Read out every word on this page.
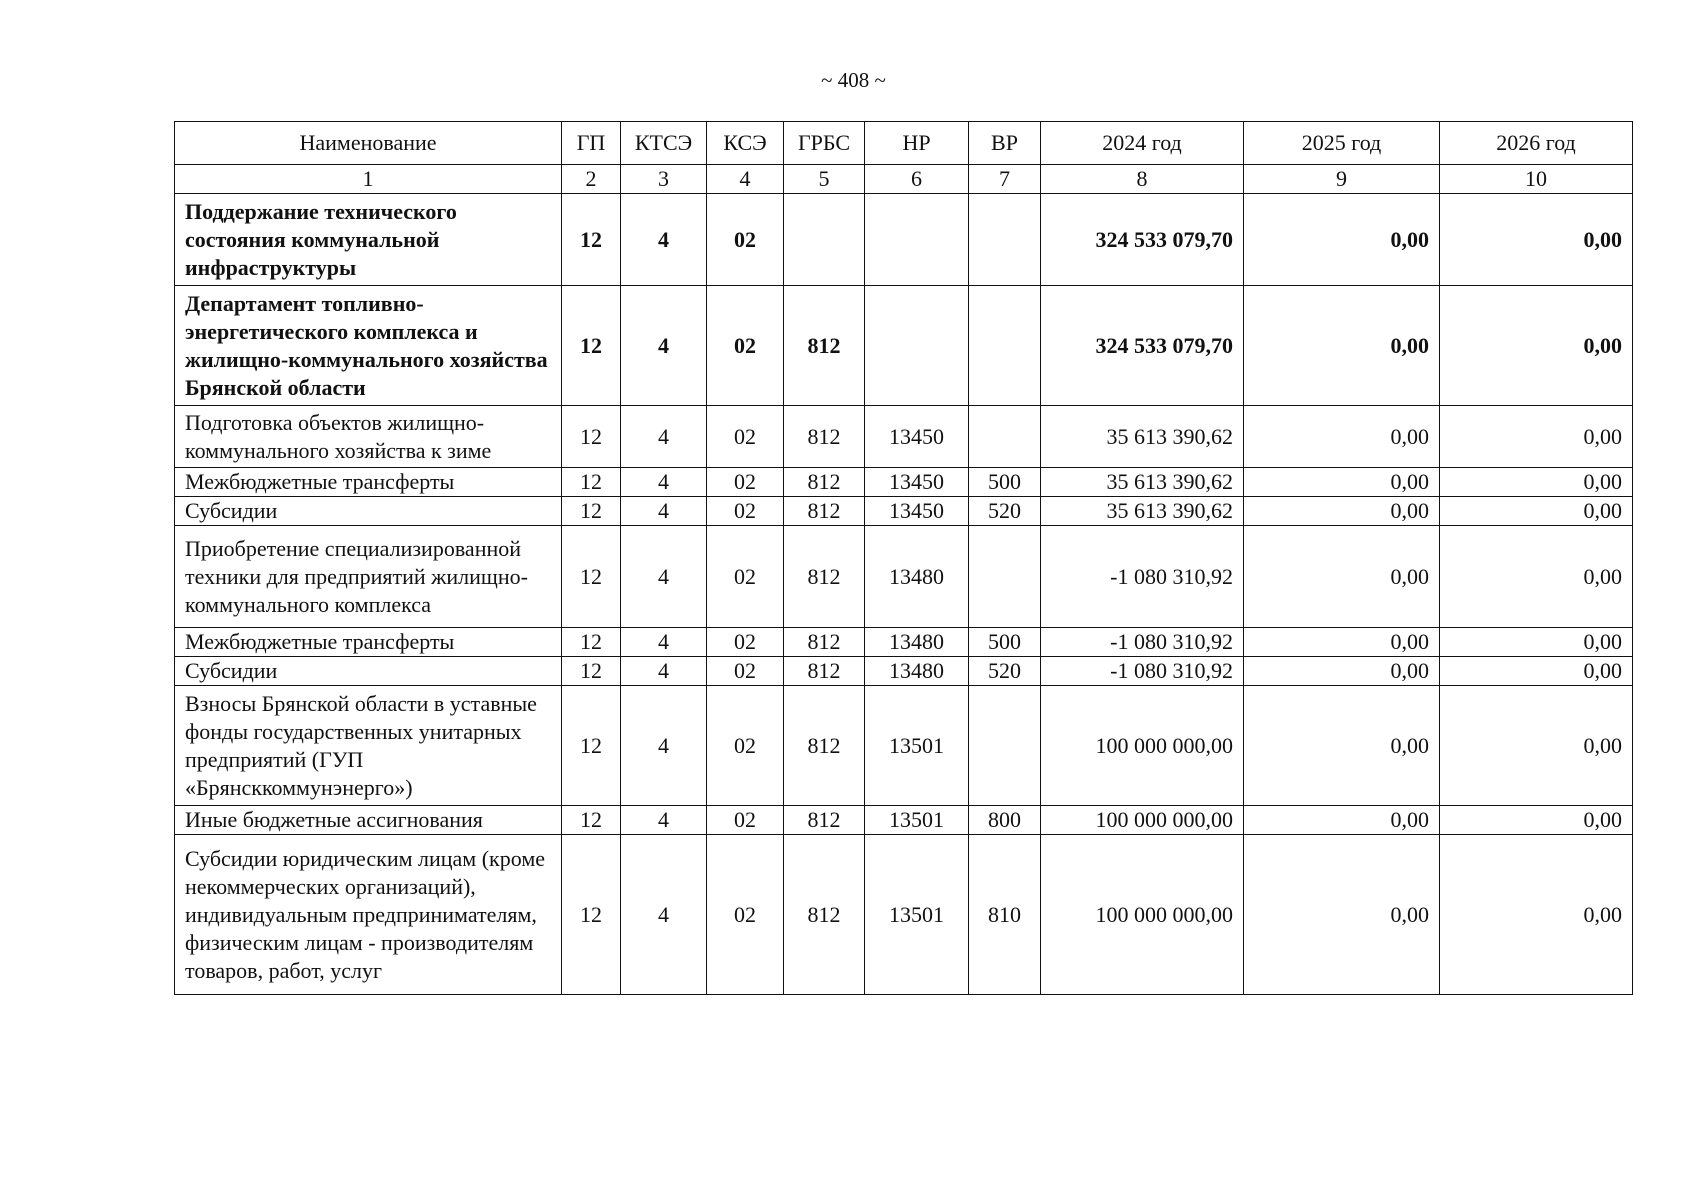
~ 408 ~
Наименование	ГП	КТСЭ	КСЭ	ГРБС	НР	ВР	2024 год	2025 год	2026 год
1	2	3	4	5	6	7	8	9	10
Поддержание технического состояния коммунальной инфраструктуры	12	4	02				324 533 079,70	0,00	0,00
Департамент топливно-энергетического комплекса и жилищно-коммунального хозяйства Брянской области	12	4	02	812			324 533 079,70	0,00	0,00
Подготовка объектов жилищно-коммунального хозяйства к зиме	12	4	02	812	13450		35 613 390,62	0,00	0,00
Межбюджетные трансферты	12	4	02	812	13450	500	35 613 390,62	0,00	0,00
Субсидии	12	4	02	812	13450	520	35 613 390,62	0,00	0,00
Приобретение специализированной техники для предприятий жилищно-коммунального комплекса	12	4	02	812	13480		-1 080 310,92	0,00	0,00
Межбюджетные трансферты	12	4	02	812	13480	500	-1 080 310,92	0,00	0,00
Субсидии	12	4	02	812	13480	520	-1 080 310,92	0,00	0,00
Взносы Брянской области в уставные фонды государственных унитарных предприятий (ГУП «Брянсккоммунэнерго»)	12	4	02	812	13501		100 000 000,00	0,00	0,00
Иные бюджетные ассигнования	12	4	02	812	13501	800	100 000 000,00	0,00	0,00
Субсидии юридическим лицам (кроме некоммерческих организаций), индивидуальным предпринимателям, физическим лицам - производителям товаров, работ, услуг	12	4	02	812	13501	810	100 000 000,00	0,00	0,00
